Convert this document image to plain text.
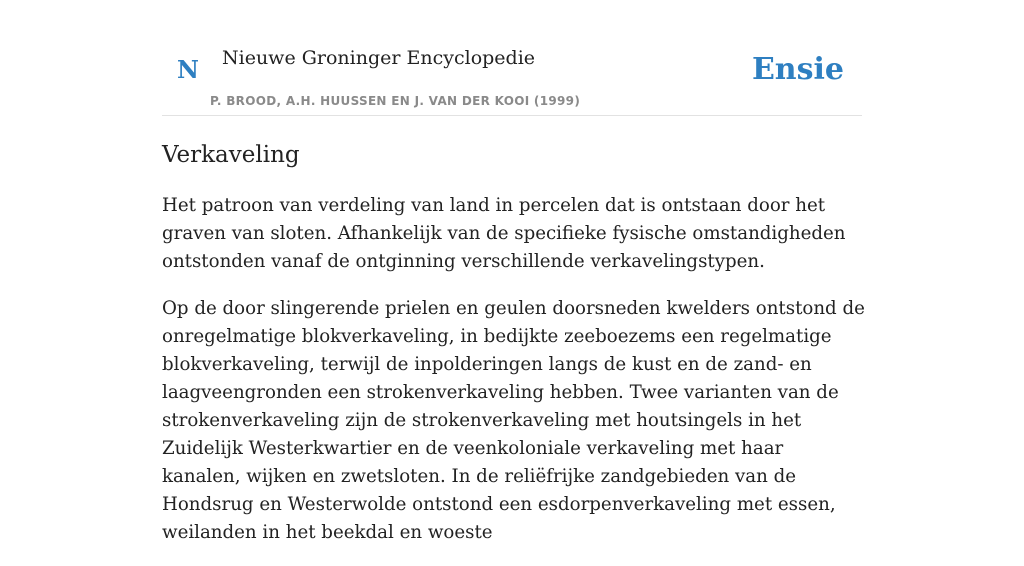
N Nieuwe Groninger Encyclopedie
P. BROOD, A.H. HUUSSEN EN J. VAN DER KOOI (1999)
Ensie
Verkaveling

Het patroon van verdeling van land in percelen dat is ontstaan door het graven van sloten. Afhankelijk van de specifieke fysische omstandigheden ontstonden vanaf de ontginning verschillende verkavelingstypen.

Op de door slingerende prielen en geulen doorsneden kwelders ontstond de onregelmatige blokverkaveling, in bedijkte zeeboezems een regelmatige blokverkaveling, terwijl de inpolderingen langs de kust en de zand- en laagveengronden een strokenverkaveling hebben. Twee varianten van de strokenverkaveling zijn de strokenverkaveling met houtsingels in het Zuidelijk Westerkwartier en de veenkoloniale verkaveling met haar kanalen, wijken en zwetsloten. In de reliëfrijke zandgebieden van de Hondsrug en Westerwolde ontstond een esdorpenverkaveling met essen, weilanden in het beekdal en woeste
